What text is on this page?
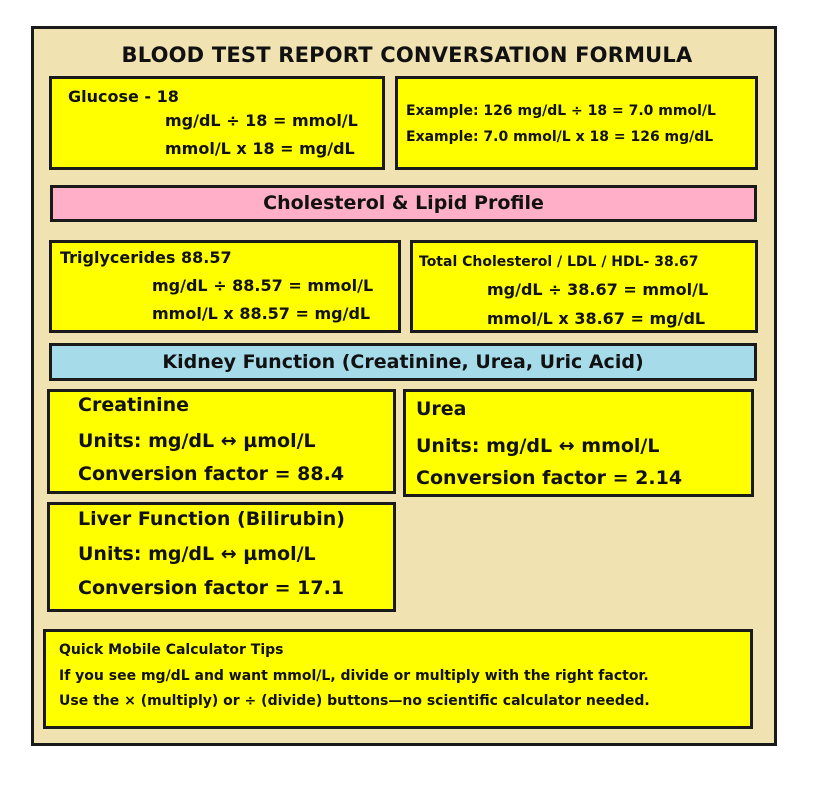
BLOOD TEST REPORT CONVERSATION FORMULA
Glucose - 18
mg/dL ÷ 18 = mmol/L
mmol/L x 18 = mg/dL
Example: 126 mg/dL ÷ 18 = 7.0 mmol/L
Example: 7.0 mmol/L x 18 = 126 mg/dL
Cholesterol & Lipid Profile
Triglycerides 88.57
mg/dL ÷ 88.57 = mmol/L
mmol/L x 88.57 = mg/dL
Total Cholesterol / LDL / HDL- 38.67
mg/dL ÷ 38.67 = mmol/L
mmol/L x 38.67 = mg/dL
Kidney Function (Creatinine, Urea, Uric Acid)
Creatinine
Units: mg/dL ↔ µmol/L
Conversion factor = 88.4
Urea
Units: mg/dL ↔ mmol/L
Conversion factor = 2.14
Liver Function (Bilirubin)
Units: mg/dL ↔ µmol/L
Conversion factor = 17.1
Quick Mobile Calculator Tips
If you see mg/dL and want mmol/L, divide or multiply with the right factor.
Use the × (multiply) or ÷ (divide) buttons—no scientific calculator needed.
